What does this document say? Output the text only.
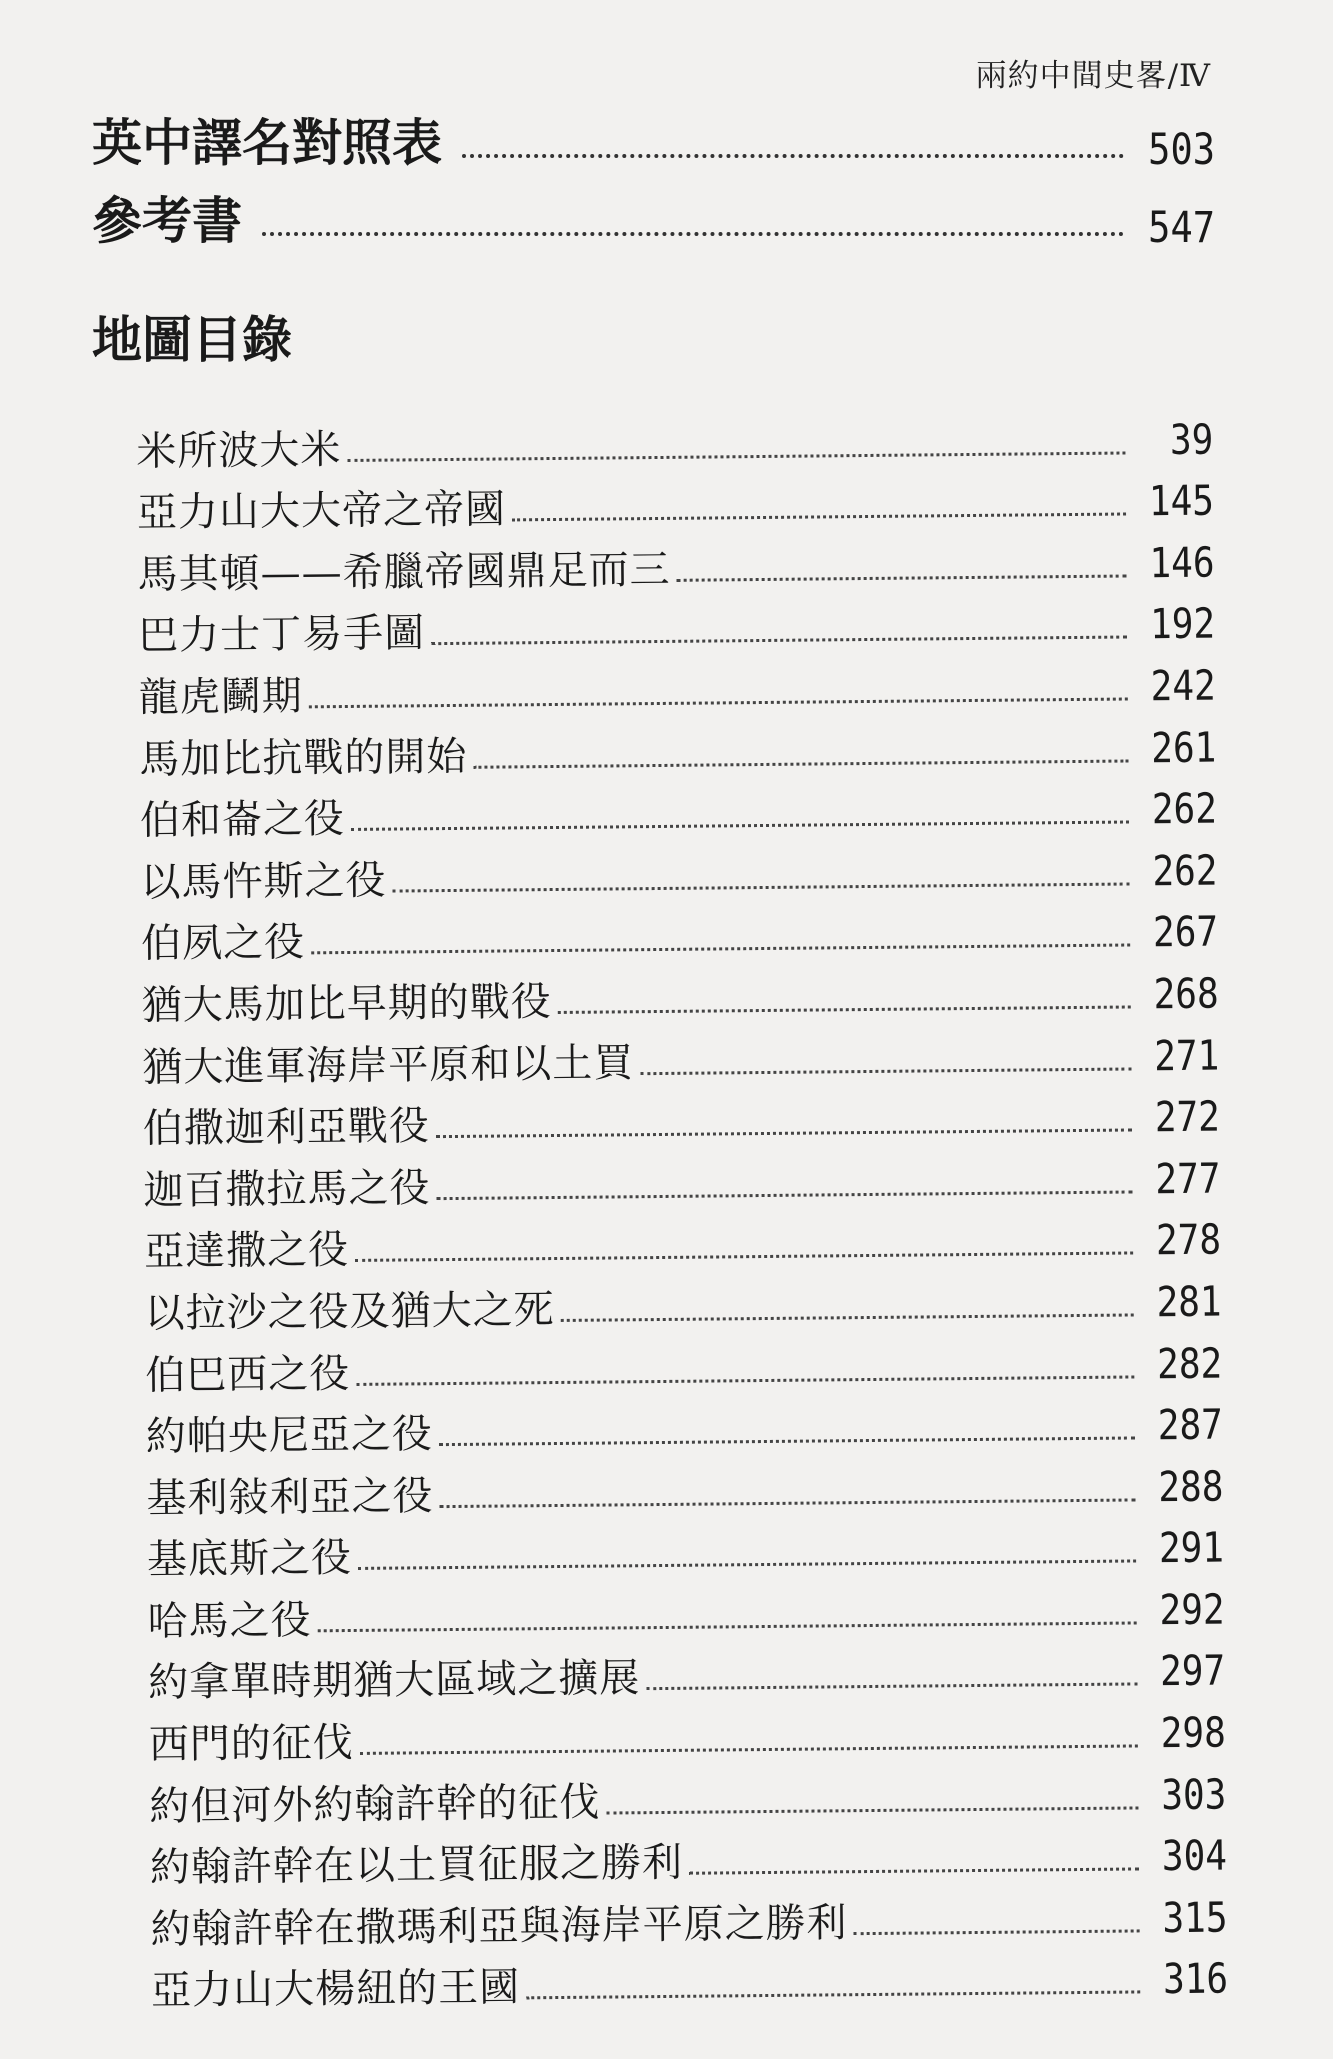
兩約中間史畧/Ⅳ
英中譯名對照表	503
參考書	547
地圖目錄
米所波大米	39
亞力山大大帝之帝國	145
馬其頓——希臘帝國鼎足而三	146
巴力士丁易手圖	192
龍虎鬭期	242
馬加比抗戰的開始	261
伯和崙之役	262
以馬忤斯之役	262
伯夙之役	267
猶大馬加比早期的戰役	268
猶大進軍海岸平原和以土買	271
伯撒迦利亞戰役	272
迦百撒拉馬之役	277
亞達撒之役	278
以拉沙之役及猶大之死	281
伯巴西之役	282
約帕央尼亞之役	287
基利敍利亞之役	288
基底斯之役	291
哈馬之役	292
約拿單時期猶大區域之擴展	297
西門的征伐	298
約但河外約翰許幹的征伐	303
約翰許幹在以土買征服之勝利	304
約翰許幹在撒瑪利亞與海岸平原之勝利	315
亞力山大楊紐的王國	316
